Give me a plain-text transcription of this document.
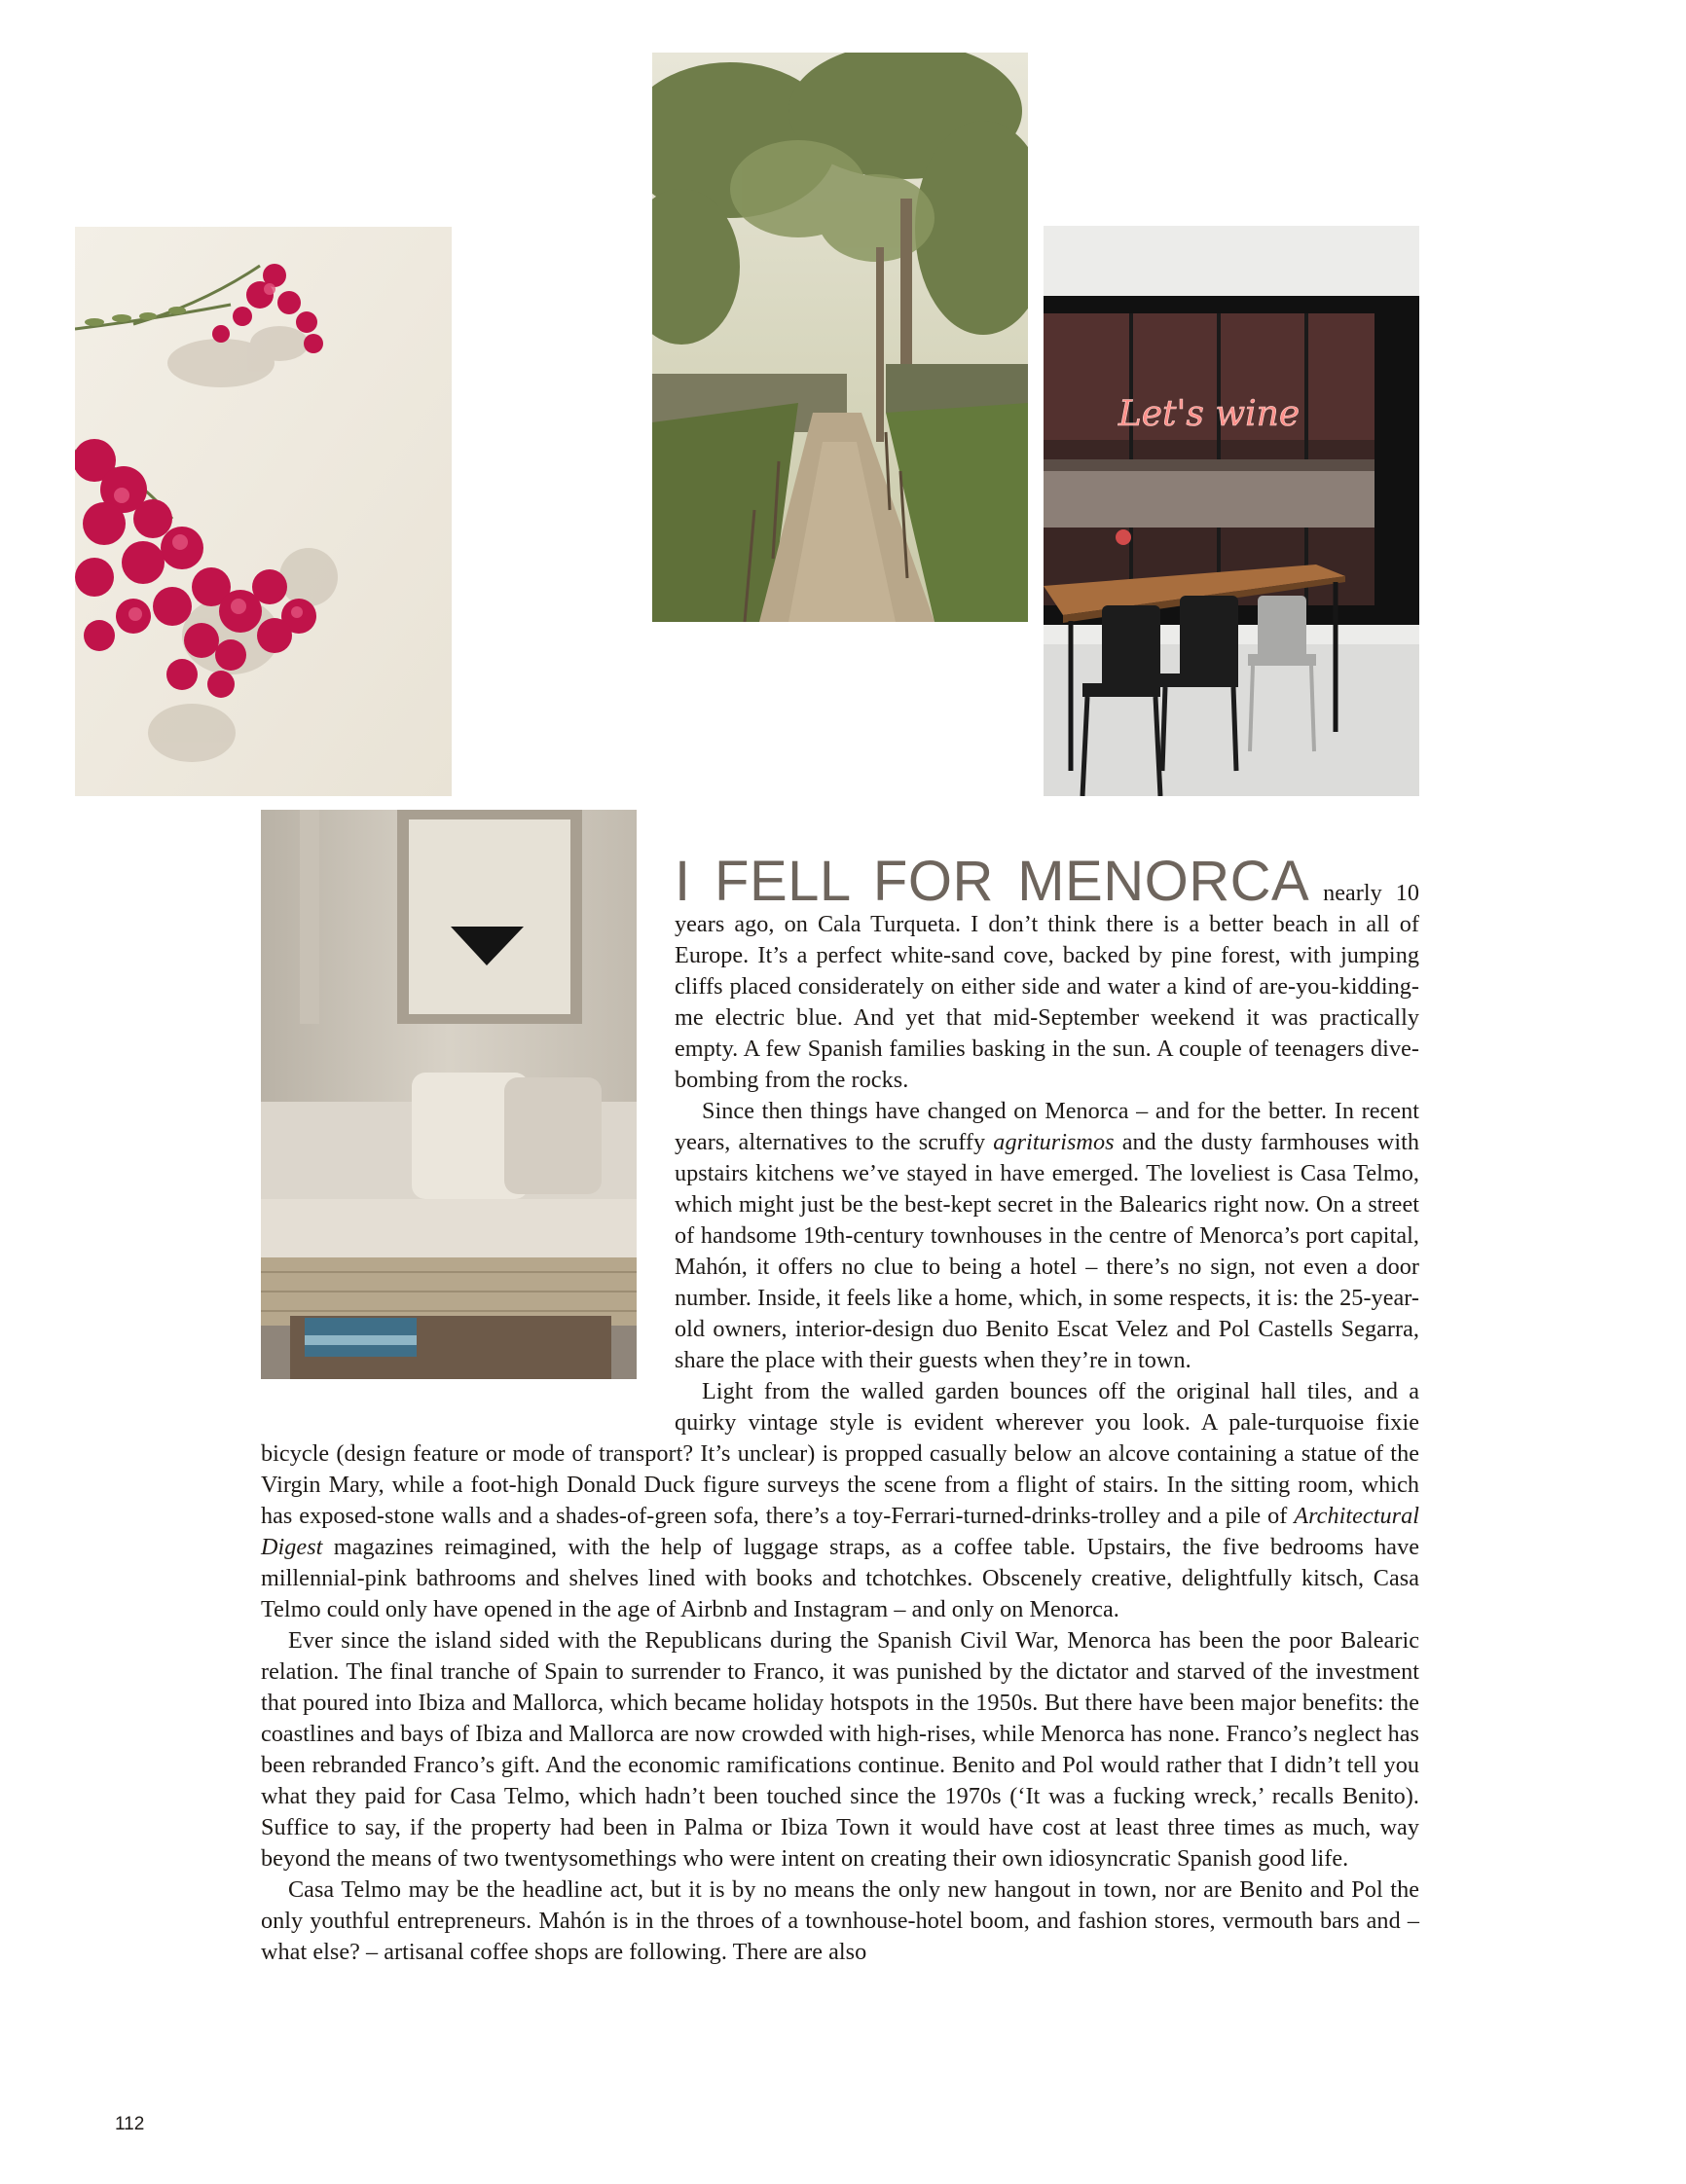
Let's wine

I FELL FOR MENORCA nearly 10 years ago, on Cala Turqueta. I don’t think there is a better beach in all of Europe. It’s a perfect white-sand cove, backed by pine forest, with jumping cliffs placed considerately on either side and water a kind of are-you-kidding-me electric blue. And yet that mid-September weekend it was practically empty. A few Spanish families basking in the sun. A couple of teenagers dive-bombing from the rocks.

Since then things have changed on Menorca – and for the better. In recent years, alternatives to the scruffy agriturismos and the dusty farmhouses with upstairs kitchens we’ve stayed in have emerged. The loveliest is Casa Telmo, which might just be the best-kept secret in the Balearics right now. On a street of handsome 19th-century townhouses in the centre of Menorca’s port capital, Mahón, it offers no clue to being a hotel – there’s no sign, not even a door number. Inside, it feels like a home, which, in some respects, it is: the 25-year-old owners, interior-design duo Benito Escat Velez and Pol Castells Segarra, share the place with their guests when they’re in town.

Light from the walled garden bounces off the original hall tiles, and a quirky vintage style is evident wherever you look. A pale-turquoise fixie bicycle (design feature or mode of transport? It’s unclear) is propped casually below an alcove containing a statue of the Virgin Mary, while a foot-high Donald Duck figure surveys the scene from a flight of stairs. In the sitting room, which has exposed-stone walls and a shades-of-green sofa, there’s a toy-Ferrari-turned-drinks-trolley and a pile of Architectural Digest magazines reimagined, with the help of luggage straps, as a coffee table. Upstairs, the five bedrooms have millennial-pink bathrooms and shelves lined with books and tchotchkes. Obscenely creative, delightfully kitsch, Casa Telmo could only have opened in the age of Airbnb and Instagram – and only on Menorca.

Ever since the island sided with the Republicans during the Spanish Civil War, Menorca has been the poor Balearic relation. The final tranche of Spain to surrender to Franco, it was punished by the dictator and starved of the investment that poured into Ibiza and Mallorca, which became holiday hotspots in the 1950s. But there have been major benefits: the coastlines and bays of Ibiza and Mallorca are now crowded with high-rises, while Menorca has none. Franco’s neglect has been rebranded Franco’s gift. And the economic ramifications continue. Benito and Pol would rather that I didn’t tell you what they paid for Casa Telmo, which hadn’t been touched since the 1970s (‘It was a fucking wreck,’ recalls Benito). Suffice to say, if the property had been in Palma or Ibiza Town it would have cost at least three times as much, way beyond the means of two twentysomethings who were intent on creating their own idiosyncratic Spanish good life.

Casa Telmo may be the headline act, but it is by no means the only new hangout in town, nor are Benito and Pol the only youthful entrepreneurs. Mahón is in the throes of a townhouse-hotel boom, and fashion stores, vermouth bars and – what else? – artisanal coffee shops are following. There are also

112
